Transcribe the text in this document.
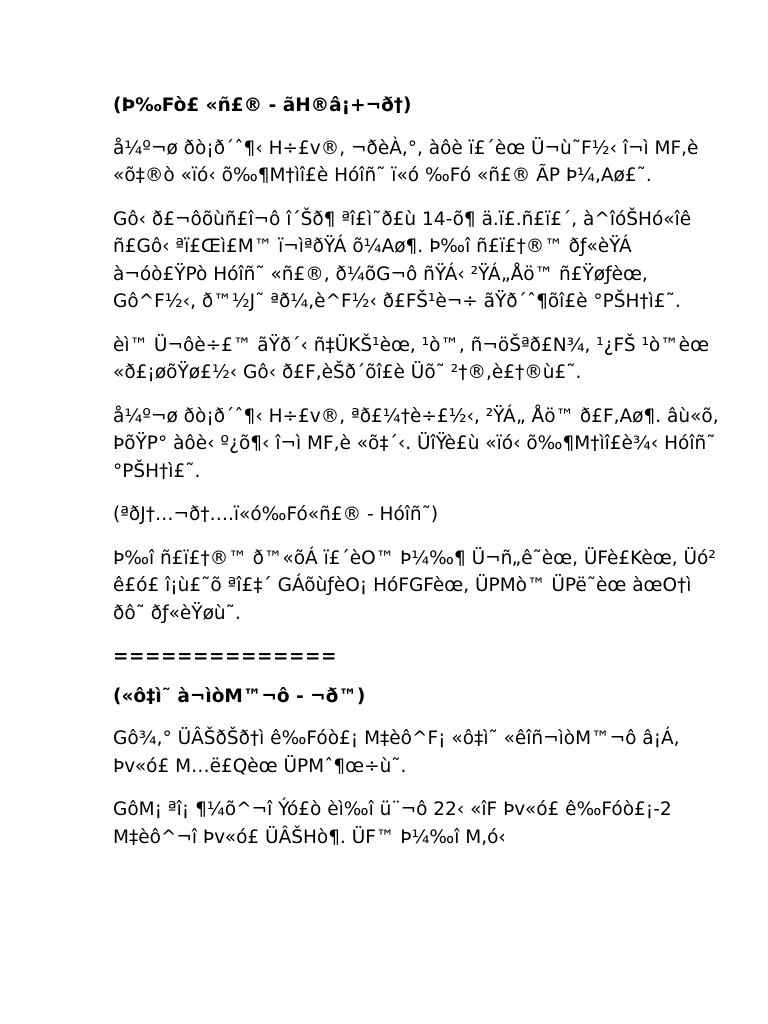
(Þ‰Fò£ «ñ£® - ãH®â¡+¬ð†)

å¼º¬ø ðò¡ð´ˆ¶‹ H÷£v®, ¬ðèÀ,°, àôè ï£´èœ Ü¬ù˜F½‹ î¬ì MF,è «õ‡®ò «ïó‹ õ‰¶M†ìî£è Hóîñ˜ ï«ó ‰Fó «ñ£® ÃP Þ¼,Aø£˜.

Gô‹ ð£¬ôõùñ£î¬ô î´Šð¶ ªî£ì˜ð£ù 14-õ¶ ä.ï£.ñ£ï£´, à^îóŠHó«îê ñ£Gô‹ ªï£Œì£M™ ï¬ìªðŸÁ õ¼Aø¶. Þ‰î ñ£ï£†®™ ðƒ«èŸÁ à¬óò£ŸPò Hóîñ˜ «ñ£®, ð¼õG¬ô ñŸÁ‹ ²ŸÁ„Åö™ ñ£Ÿøƒèœ, Gô^F½‹, ð™½J˜ ªð¼,è^F½‹ ð£FŠ¹è¬÷ ãŸð´ˆ¶õî£è °PŠH†ì£˜.

èì™ Ü¬ôè÷£™ ãŸð´‹ ñ‡ÜKŠ¹èœ, ¹ò™, ñ¬öŠªð£N¾, ¹¿FŠ ¹ò™èœ «ð£¡øõŸø£½‹ Gô‹ ð£F,èŠð´õî£è Üõ˜ ²†®,è£†®ù£˜.

å¼º¬ø ðò¡ð´ˆ¶‹ H÷£v®, ªð£¼†è÷£½‹, ²ŸÁ„ Åö™ ð£F,Aø¶. âù«õ, ÞõŸP° àôè‹ º¿õ¶‹ î¬ì MF,è «õ‡´‹. ÜîŸè£ù «ïó‹ õ‰¶M†ìî£è¾‹ Hóîñ˜ °PŠH†ì£˜.

(ªðJ†…¬ð†….ï«ó‰Fó«ñ£® - Hóîñ˜)

Þ‰î ñ£ï£†®™ ð™«õÁ ï£´èO™ Þ¼‰¶ Ü¬ñ„ê˜èœ, ÜFè£Kèœ, Üó² ê£ó£ î¡ù£˜õ ªî£‡´ GÁõùƒèO¡ HóFGFèœ, ÜPMò™ ÜPë˜èœ àœO†ì ðô˜ ðƒ«èŸøù˜.

==============

(«ô‡ì˜ à¬ìòM™¬ô - ¬ð™)

Gô¾,° ÜÂŠðŠð†ì ê‰Fóò£¡ M‡èô^F¡ «ô‡ì˜ «êîñ¬ìòM™¬ô â¡Á, Þv«ó£ M…ë£Qèœ ÜPMˆ¶œ÷ù˜.

GôM¡ ªî¡ ¶¼õ^¬î Ýó£ò èì‰î ü¨¬ô 22‹ «îF Þv«ó£ ê‰Fóò£¡-2 M‡èô^¬î Þv«ó£ ÜÂŠHò¶. ÜF™ Þ¼‰î M,ó‹
